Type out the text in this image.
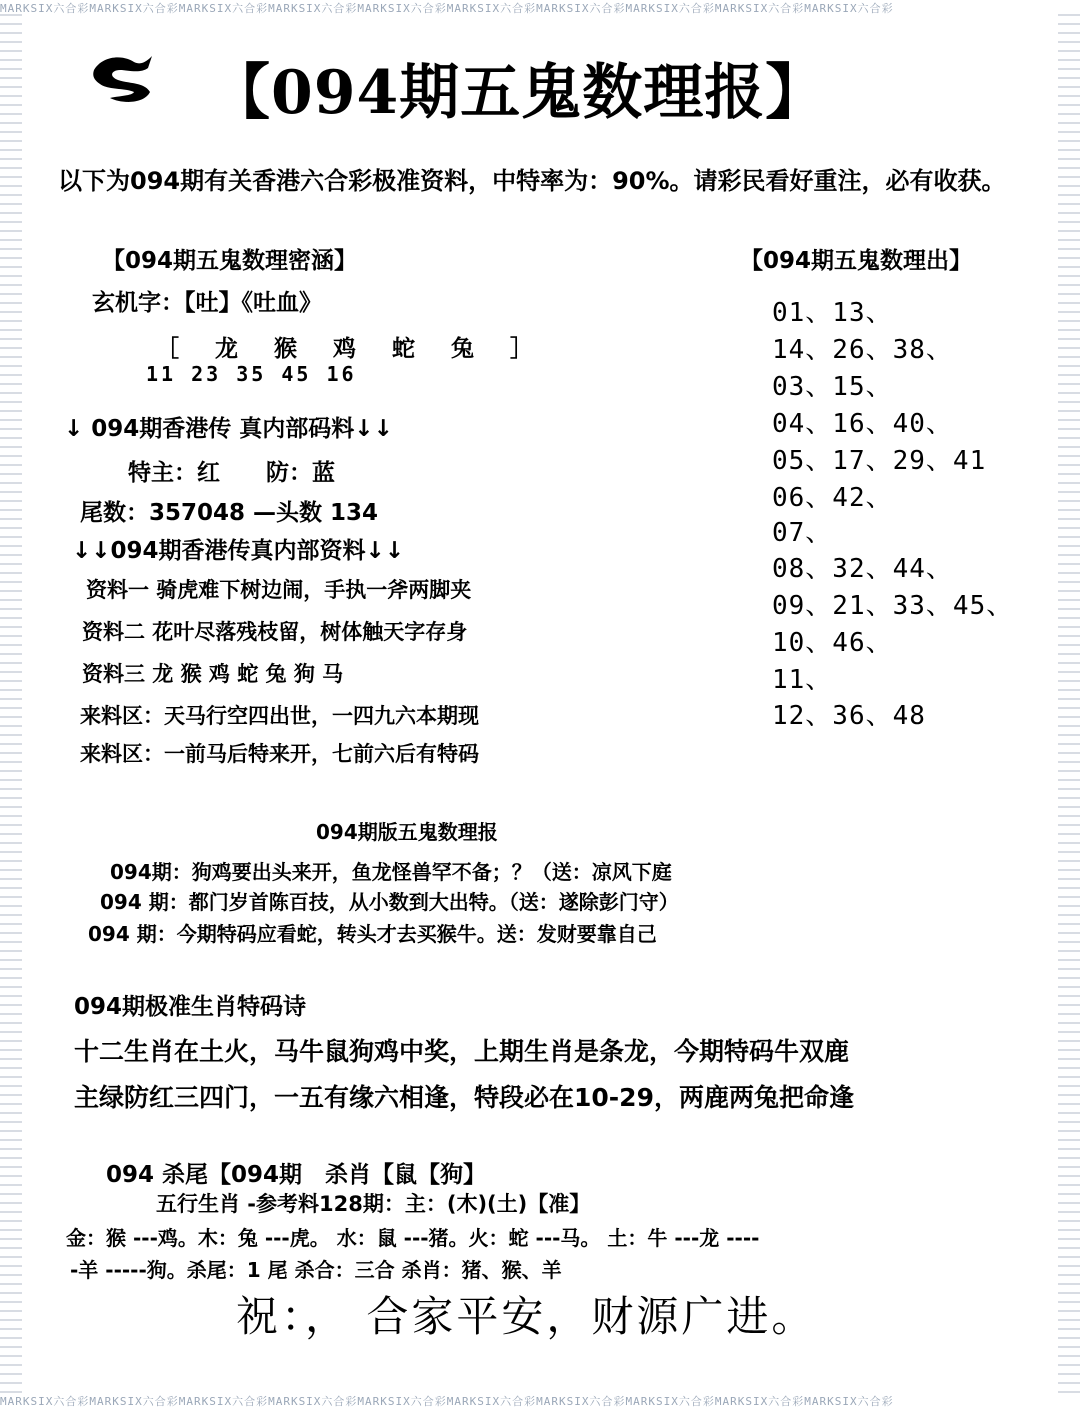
MARKSIX六合彩MARKSIX六合彩MARKSIX六合彩MARKSIX六合彩MARKSIX六合彩MARKSIX六合彩MARKSIX六合彩MARKSIX六合彩MARKSIX六合彩MARKSIX六合彩
MARKSIX六合彩MARKSIX六合彩MARKSIX六合彩MARKSIX六合彩MARKSIX六合彩MARKSIX六合彩MARKSIX六合彩MARKSIX六合彩MARKSIX六合彩MARKSIX六合彩
【094期五鬼数理报】
以下为094期有关香港六合彩极准资料，中特率为：90%。请彩民看好重注，必有收获。
【094期五鬼数理密涵】
玄机字：【吐】《吐血》
［ 龙 猴 鸡 蛇 兔 ］
11 23 35 45 16
↓ 094期香港传 真内部码料↓↓
特主：红　　防：蓝
尾数：357048 —头数 134
↓↓094期香港传真内部资料↓↓
资料一 骑虎难下树边闹，手执一斧两脚夹
资料二 花叶尽落残枝留，树体触天字存身
资料三 龙 猴 鸡 蛇 兔 狗 马
来料区：天马行空四出世，一四九六本期现
来料区：一前马后特来开，七前六后有特码
【094期五鬼数理出】
01、13、
14、26、38、
03、15、
04、16、40、
05、17、29、41
06、42、
07、
08、32、44、
09、21、33、45、
10、46、
11、
12、36、48
094期版五鬼数理报
094期：狗鸡要出头来开，鱼龙怪兽罕不备；？（送：凉风下庭
094 期：都门岁首陈百技，从小数到大出特。（送：遂除彭门守）
094 期：今期特码应看蛇，转头才去买猴牛。送：发财要靠自己
094期极准生肖特码诗
十二生肖在土火，马牛鼠狗鸡中奖，上期生肖是条龙，今期特码牛双鹿
主绿防红三四门，一五有缘六相逢，特段必在10-29，两鹿两兔把命逢
094 杀尾【094期　杀肖【鼠【狗】
五行生肖 -参考料128期：主：(木)(土)【准】
金：猴 ---鸡。木：兔 ---虎。 水：鼠 ---猪。火：蛇 ---马。 土：牛 ---龙 ----
-羊 -----狗。杀尾：1 尾 杀合：三合 杀肖：猪、猴、羊
祝：， 合家平安，财源广进。
